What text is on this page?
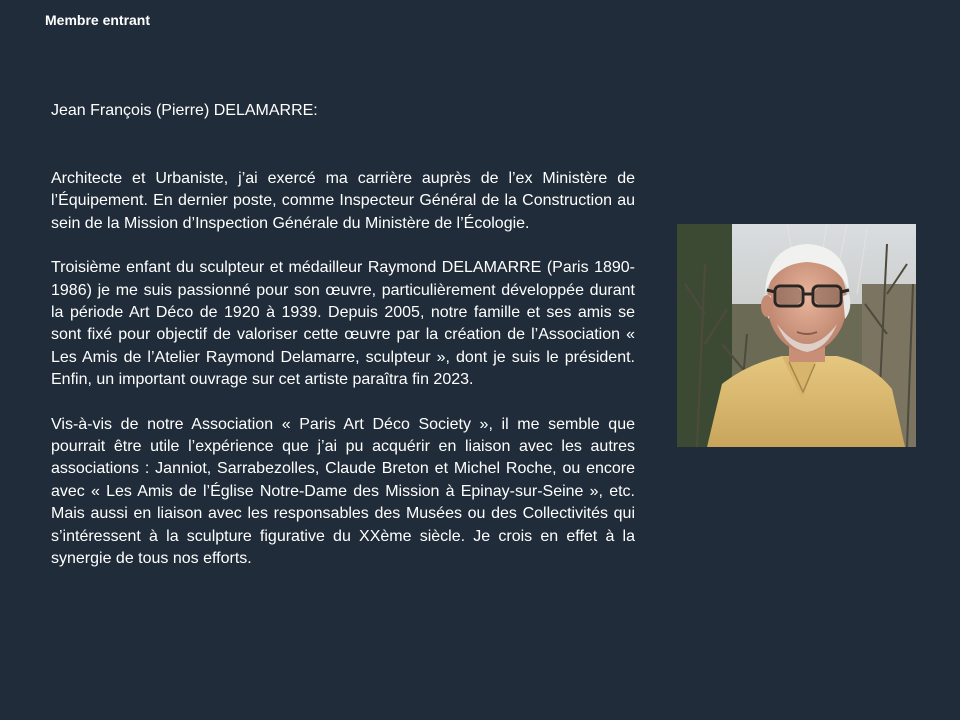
Membre entrant
Jean François (Pierre) DELAMARRE:

Architecte et Urbaniste, j’ai exercé ma carrière auprès de l’ex Ministère de l’Équipement. En dernier poste, comme Inspecteur Général de la Construction au sein de la Mission d’Inspection Générale du Ministère de l’Écologie.

Troisième enfant du sculpteur et médailleur Raymond DELAMARRE (Paris 1890-1986) je me suis passionné pour son œuvre, particulièrement développée durant la période Art Déco de 1920 à 1939. Depuis 2005, notre famille et ses amis se sont fixé pour objectif de valoriser cette œuvre par la création de l’Association « Les Amis de l’Atelier Raymond Delamarre, sculpteur », dont je suis le président. Enfin, un important ouvrage sur cet artiste paraîtra fin 2023.

Vis-à-vis de notre Association « Paris Art Déco Society », il me semble que pourrait être utile l’expérience que j’ai pu acquérir en liaison avec les autres associations : Janniot, Sarrabezolles, Claude Breton et Michel Roche, ou encore avec « Les Amis de l’Église Notre-Dame des Mission à Epinay-sur-Seine », etc. Mais aussi en liaison avec les responsables des Musées ou des Collectivités qui s’intéressent à la sculpture figurative du XXème siècle. Je crois en effet à la synergie de tous nos efforts.
